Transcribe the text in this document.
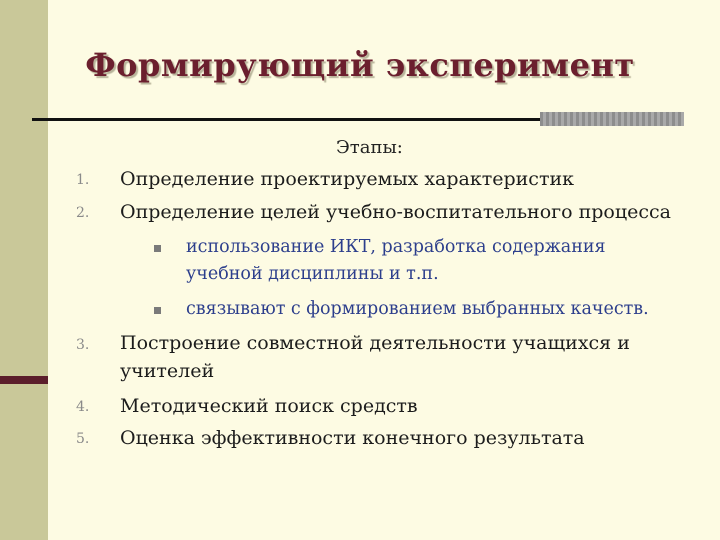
Формирующий эксперимент
Этапы:
1. Определение проектируемых характеристик
2. Определение целей учебно-воспитательного процесса
использование ИКТ, разработка содержания
учебной дисциплины и т.п.
связывают с формированием выбранных качеств.
3. Построение совместной деятельности учащихся и
учителей
4. Методический поиск средств
5. Оценка эффективности конечного результата
